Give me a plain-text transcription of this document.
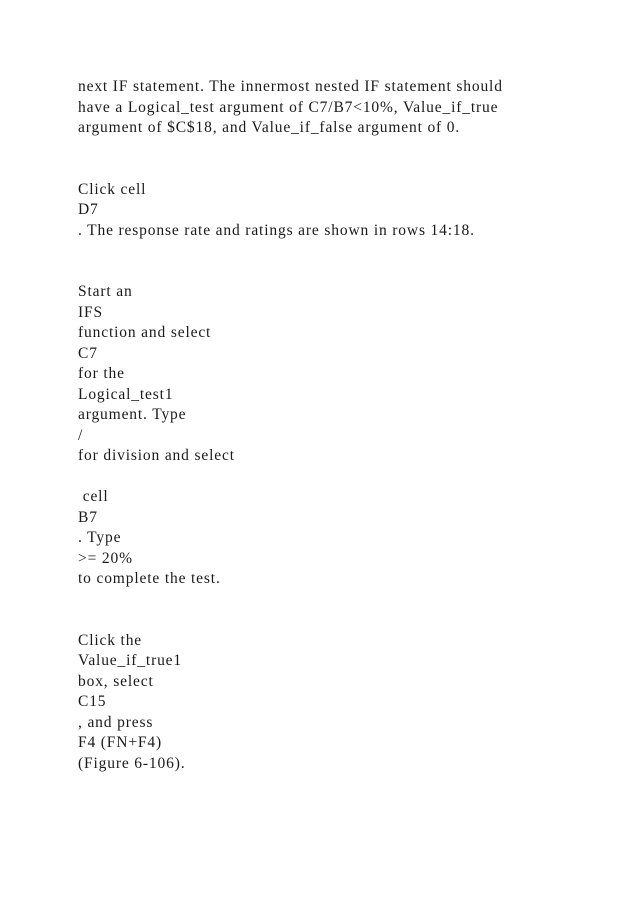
next IF statement. The innermost nested IF statement should
have a Logical_test argument of C7/B7<10%, Value_if_true
argument of $C$18, and Value_if_false argument of 0.
Click cell
D7
. The response rate and ratings are shown in rows 14:18.
Start an
IFS
function and select
C7
for the
Logical_test1
argument. Type
/
for division and select
cell
B7
. Type
>= 20%
to complete the test.
Click the
Value_if_true1
box, select
C15
, and press
F4 (FN+F4)
(Figure 6-106).
